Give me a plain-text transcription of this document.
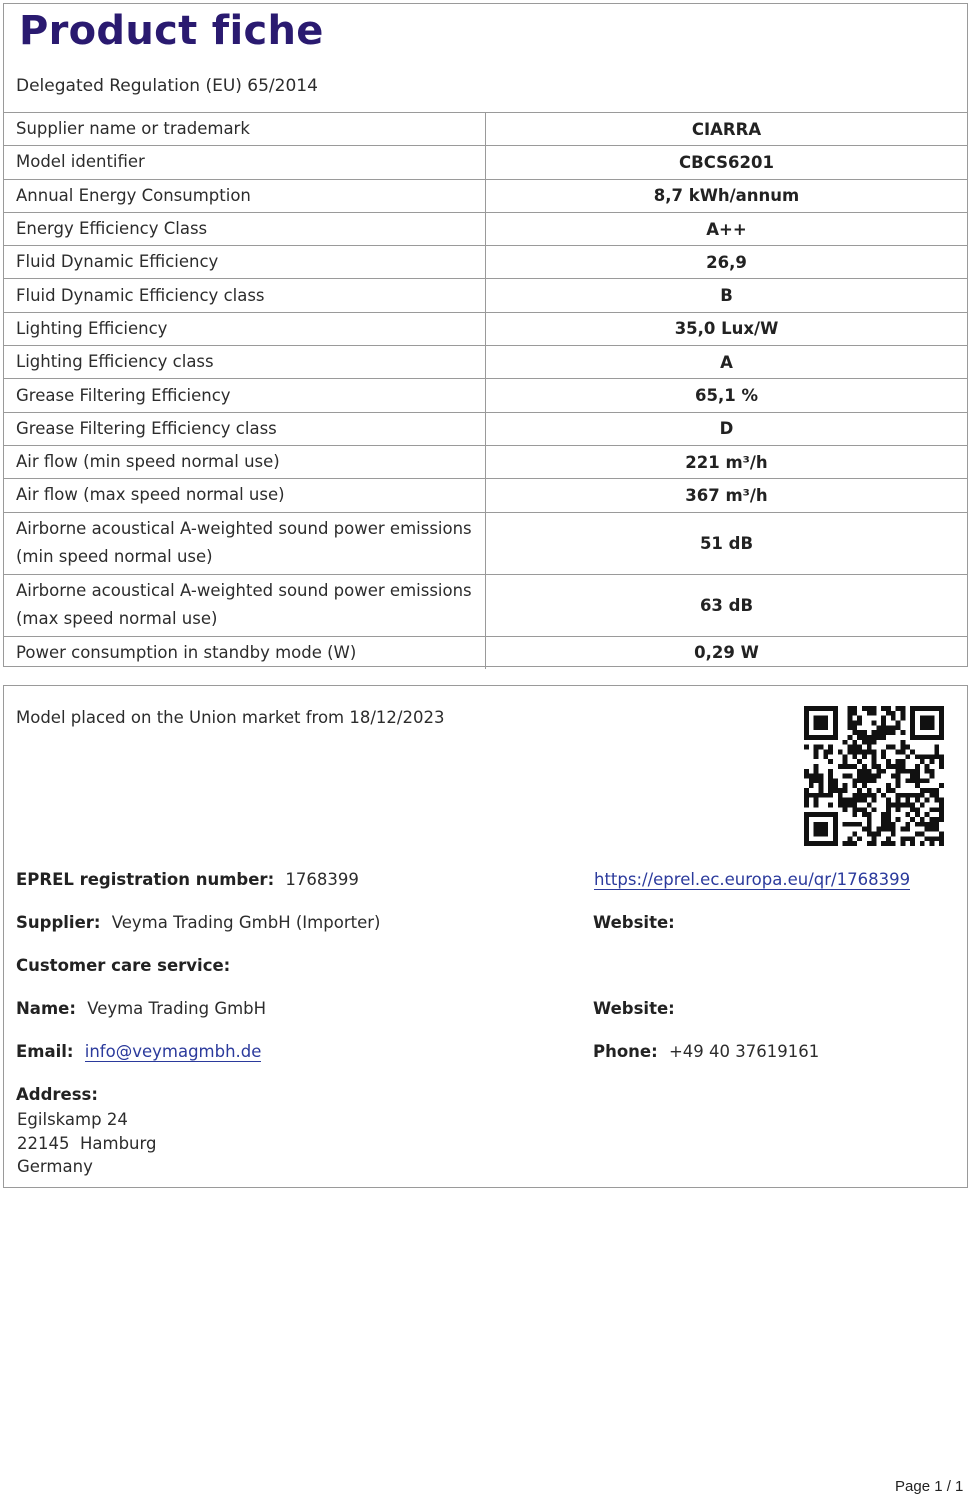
Product fiche
Delegated Regulation (EU) 65/2014
Supplier name or trademark	CIARRA
Model identifier	CBCS6201
Annual Energy Consumption	8,7 kWh/annum
Energy Efficiency Class	A++
Fluid Dynamic Efficiency	26,9
Fluid Dynamic Efficiency class	B
Lighting Efficiency	35,0 Lux/W
Lighting Efficiency class	A
Grease Filtering Efficiency	65,1 %
Grease Filtering Efficiency class	D
Air flow (min speed normal use)	221 m³/h
Air flow (max speed normal use)	367 m³/h
Airborne acoustical A-weighted sound power emissions (min speed normal use)	51 dB
Airborne acoustical A-weighted sound power emissions (max speed normal use)	63 dB
Power consumption in standby mode (W)	0,29 W
Model placed on the Union market from 18/12/2023
EPREL registration number: 1768399	https://eprel.ec.europa.eu/qr/1768399
Supplier: Veyma Trading GmbH (Importer)	Website:
Customer care service:
Name: Veyma Trading GmbH	Website:
Email: info@veymagmbh.de	Phone: +49 40 37619161
Address:
Egilskamp 24
22145  Hamburg
Germany
Page 1 / 1
